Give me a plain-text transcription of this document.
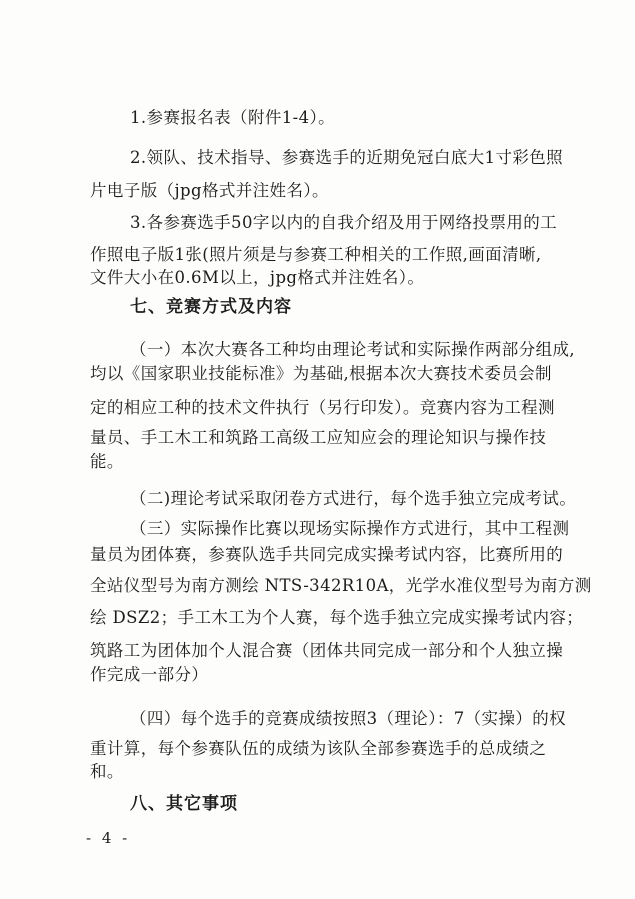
1.参赛报名表（附件1-4）。
2.领队、技术指导、参赛选手的近期免冠白底大1寸彩色照
片电子版（jpg格式并注姓名）。
3.各参赛选手50字以内的自我介绍及用于网络投票用的工
作照电子版1张(照片须是与参赛工种相关的工作照,画面清晰,
文件大小在0.6M以上，jpg格式并注姓名）。
七、竞赛方式及内容
（一）本次大赛各工种均由理论考试和实际操作两部分组成,
均以《国家职业技能标准》为基础,根据本次大赛技术委员会制
定的相应工种的技术文件执行（另行印发）。竞赛内容为工程测
量员、手工木工和筑路工高级工应知应会的理论知识与操作技
能。
（二)理论考试采取闭卷方式进行，每个选手独立完成考试。
（三）实际操作比赛以现场实际操作方式进行，其中工程测
量员为团体赛，参赛队选手共同完成实操考试内容，比赛所用的
全站仪型号为南方测绘 NTS-342R10A，光学水准仪型号为南方测
绘 DSZ2；手工木工为个人赛，每个选手独立完成实操考试内容；
筑路工为团体加个人混合赛（团体共同完成一部分和个人独立操
作完成一部分）
（四）每个选手的竞赛成绩按照3（理论）：7（实操）的权
重计算，每个参赛队伍的成绩为该队全部参赛选手的总成绩之
和。
八、其它事项
- 4 -
